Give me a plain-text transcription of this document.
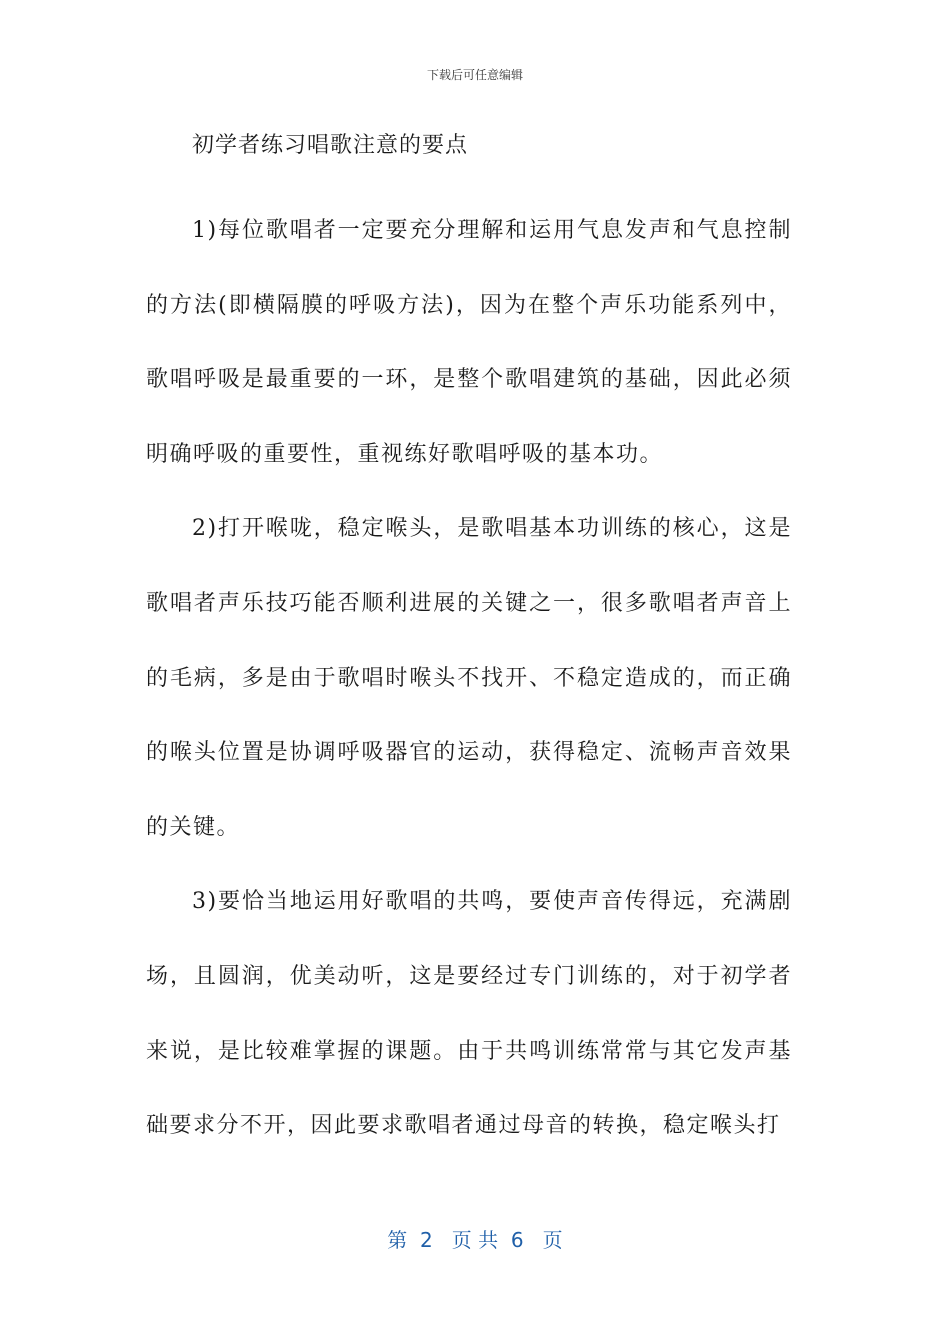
下载后可任意编辑
初学者练习唱歌注意的要点

1)每位歌唱者一定要充分理解和运用气息发声和气息控制的方法(即横隔膜的呼吸方法)，因为在整个声乐功能系列中，歌唱呼吸是最重要的一环，是整个歌唱建筑的基础，因此必须明确呼吸的重要性，重视练好歌唱呼吸的基本功。

2)打开喉咙，稳定喉头，是歌唱基本功训练的核心，这是歌唱者声乐技巧能否顺利进展的关键之一，很多歌唱者声音上的毛病，多是由于歌唱时喉头不找开、不稳定造成的，而正确的喉头位置是协调呼吸器官的运动，获得稳定、流畅声音效果的关键。

3)要恰当地运用好歌唱的共鸣，要使声音传得远，充满剧场，且圆润，优美动听，这是要经过专门训练的，对于初学者来说，是比较难掌握的课题。由于共鸣训练常常与其它发声基础要求分不开，因此要求歌唱者通过母音的转换，稳定喉头打

第  2   页 共  6   页
